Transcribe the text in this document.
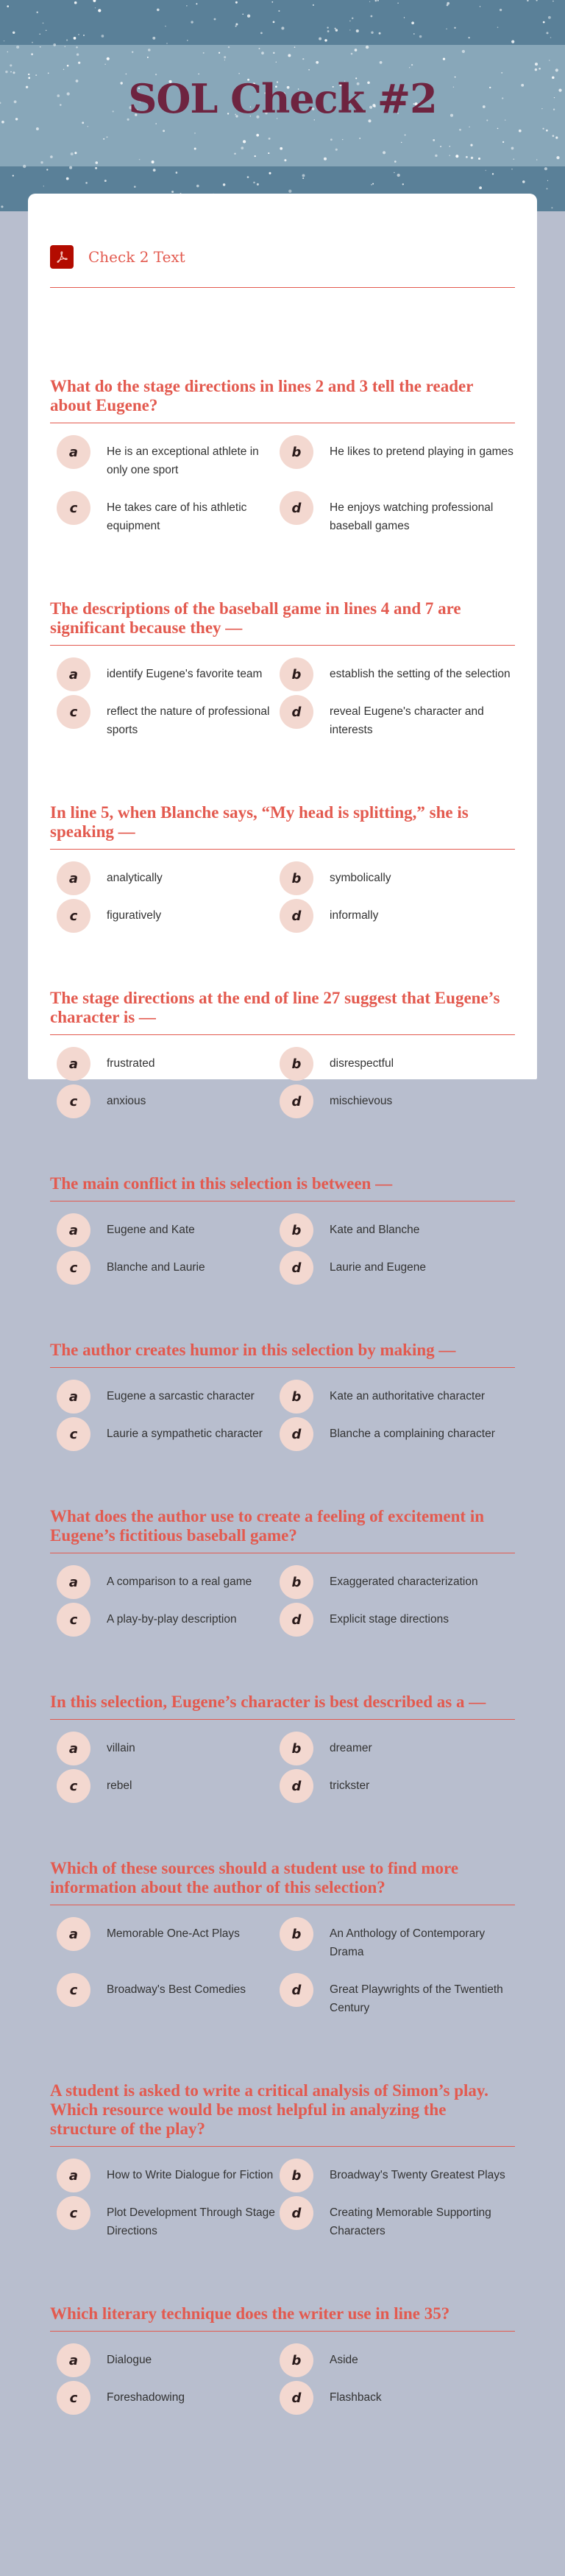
SOL Check #2
Check 2 Text
What do the stage directions in lines 2 and 3 tell the reader about Eugene?
a	He is an exceptional athlete in only one sport
b	He likes to pretend playing in games
c	He takes care of his athletic equipment
d	He enjoys watching professional baseball games
The descriptions of the baseball game in lines 4 and 7 are significant because they —
a	identify Eugene's favorite team	b	establish the setting of the selection
c	reflect the nature of professional sports
d	reveal Eugene's character and interests
In line 5, when Blanche says, “My head is splitting,” she is speaking —
a	analytically	b	symbolically
c	figuratively	d	informally
The stage directions at the end of line 27 suggest that Eugene’s character is —
a	frustrated	b	disrespectful
c	anxious	d	mischievous
The main conflict in this selection is between —
a	Eugene and Kate	b	Kate and Blanche
c	Blanche and Laurie	d	Laurie and Eugene
The author creates humor in this selection by making —
a	Eugene a sarcastic character	b	Kate an authoritative character
c	Laurie a sympathetic character	d	Blanche a complaining character
What does the author use to create a feeling of excitement in Eugene’s fictitious baseball game?
a	A comparison to a real game	b	Exaggerated characterization
c	A play-by-play description	d	Explicit stage directions
In this selection, Eugene’s character is best described as a —
a	villain	b	dreamer
c	rebel	d	trickster
Which of these sources should a student use to find more information about the author of this selection?
a	Memorable One-Act Plays	b	An Anthology of Contemporary Drama
c	Broadway's Best Comedies	d	Great Playwrights of the Twentieth Century
A student is asked to write a critical analysis of Simon’s play. Which resource would be most helpful in analyzing the structure of the play?
a	How to Write Dialogue for Fiction	b	Broadway's Twenty Greatest Plays
c	Plot Development Through Stage Directions
d	Creating Memorable Supporting Characters
Which literary technique does the writer use in line 35?
a	Dialogue	b	Aside
c	Foreshadowing	d	Flashback
